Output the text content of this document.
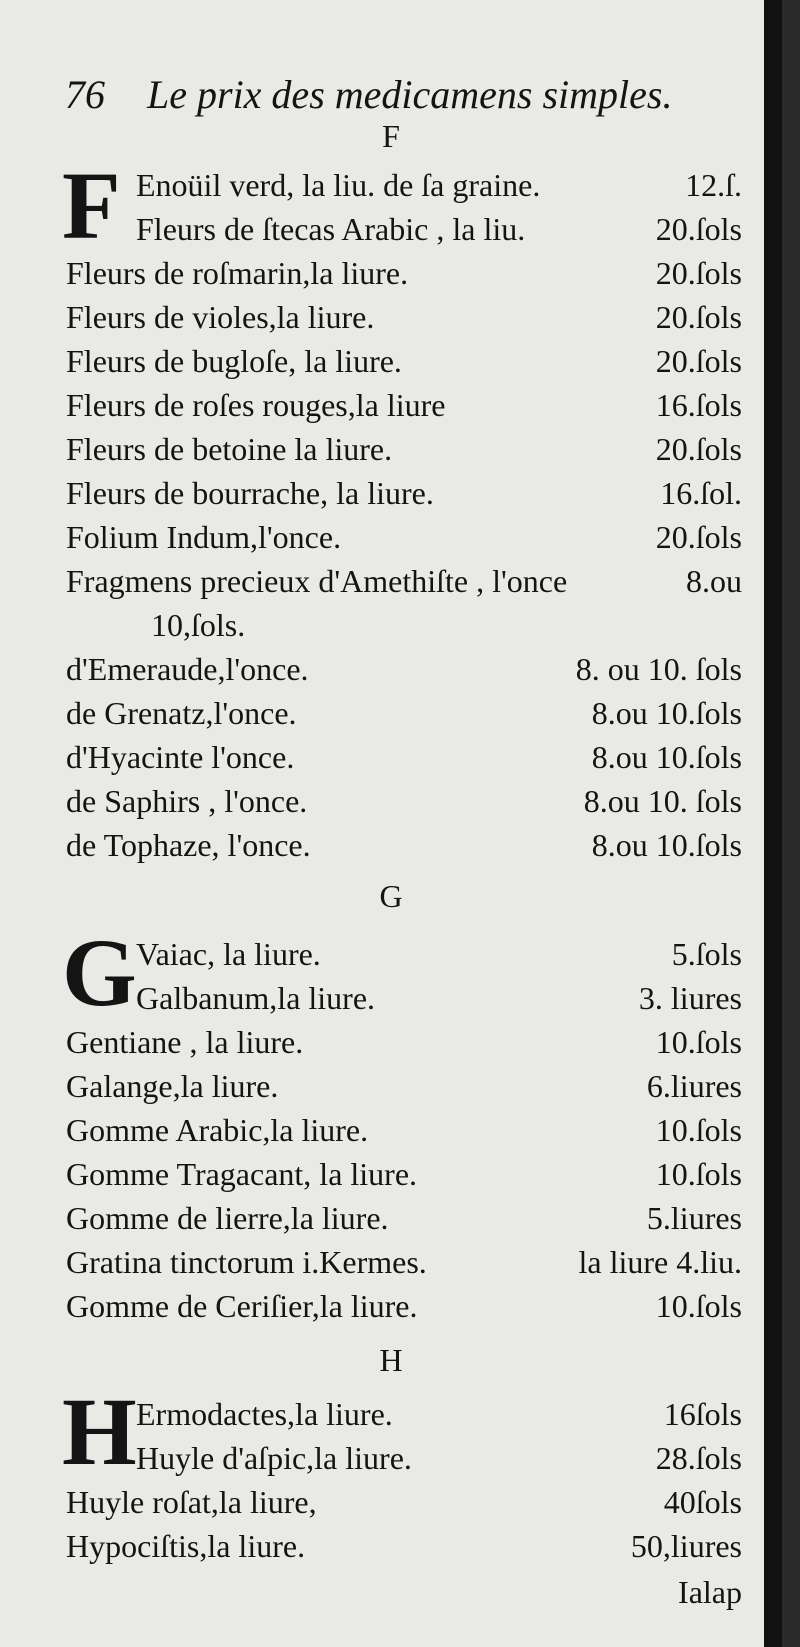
76 Le prix des medicamens simples.
F
F Enoüil verd, la liu. de ſa graine.	12.ſ.
Fleurs de ſtecas Arabic , la liu.	20.ſols
Fleurs de roſmarin,la liure.	20.ſols
Fleurs de violes,la liure.	20.ſols
Fleurs de bugloſe, la liure.	20.ſols
Fleurs de roſes rouges,la liure	16.ſols
Fleurs de betoine la liure.	20.ſols
Fleurs de bourrache, la liure.	16.ſol.
Folium Indum,l'once.	20.ſols
Fragmens precieux d'Amethiſte , l'once	8.ou
10,ſols.
d'Emeraude,l'once.	8. ou 10. ſols
de Grenatz,l'once.	8.ou 10.ſols
d'Hyacinte l'once.	8.ou 10.ſols
de Saphirs , l'once.	8.ou 10. ſols
de Tophaze, l'once.	8.ou 10.ſols
G
G Vaiac, la liure.	5.ſols
Galbanum,la liure.	3. liures
Gentiane , la liure.	10.ſols
Galange,la liure.	6.liures
Gomme Arabic,la liure.	10.ſols
Gomme Tragacant, la liure.	10.ſols
Gomme de lierre,la liure.	5.liures
Gratina tinctorum i.Kermes.	la liure 4.liu.
Gomme de Ceriſier,la liure.	10.ſols
H
H Ermodactes,la liure.	16ſols
Huyle d'aſpic,la liure.	28.ſols
Huyle roſat,la liure,	40ſols
Hypociſtis,la liure.	50,liures
Ialap
